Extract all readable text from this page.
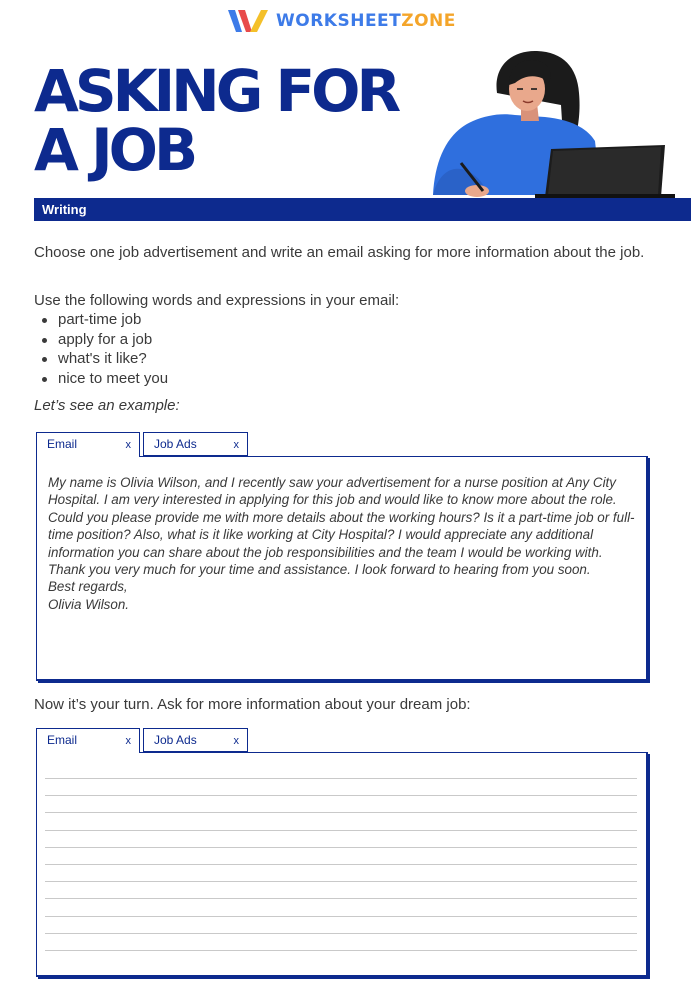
WORKSHEETZONE
ASKING FOR
A JOB
Writing
Choose one job advertisement and write an email asking for more information about the job.
Use the following words and expressions in your email:
part-time job
apply for a job
what's it like?
nice to meet you
Let’s see an example:
Email	x	Job Ads	x

My name is Olivia Wilson, and I recently saw your advertisement for a nurse position at Any City Hospital. I am very interested in applying for this job and would like to know more about the role.

Could you please provide me with more details about the working hours? Is it a part-time job or full-time position? Also, what is it like working at City Hospital? I would appreciate any additional information you can share about the job responsibilities and the team I would be working with.

Thank you very much for your time and assistance. I look forward to hearing from you soon.

Best regards,

Olivia Wilson.

Now it’s your turn. Ask for more information about your dream job:
Email	x	Job Ads	x
